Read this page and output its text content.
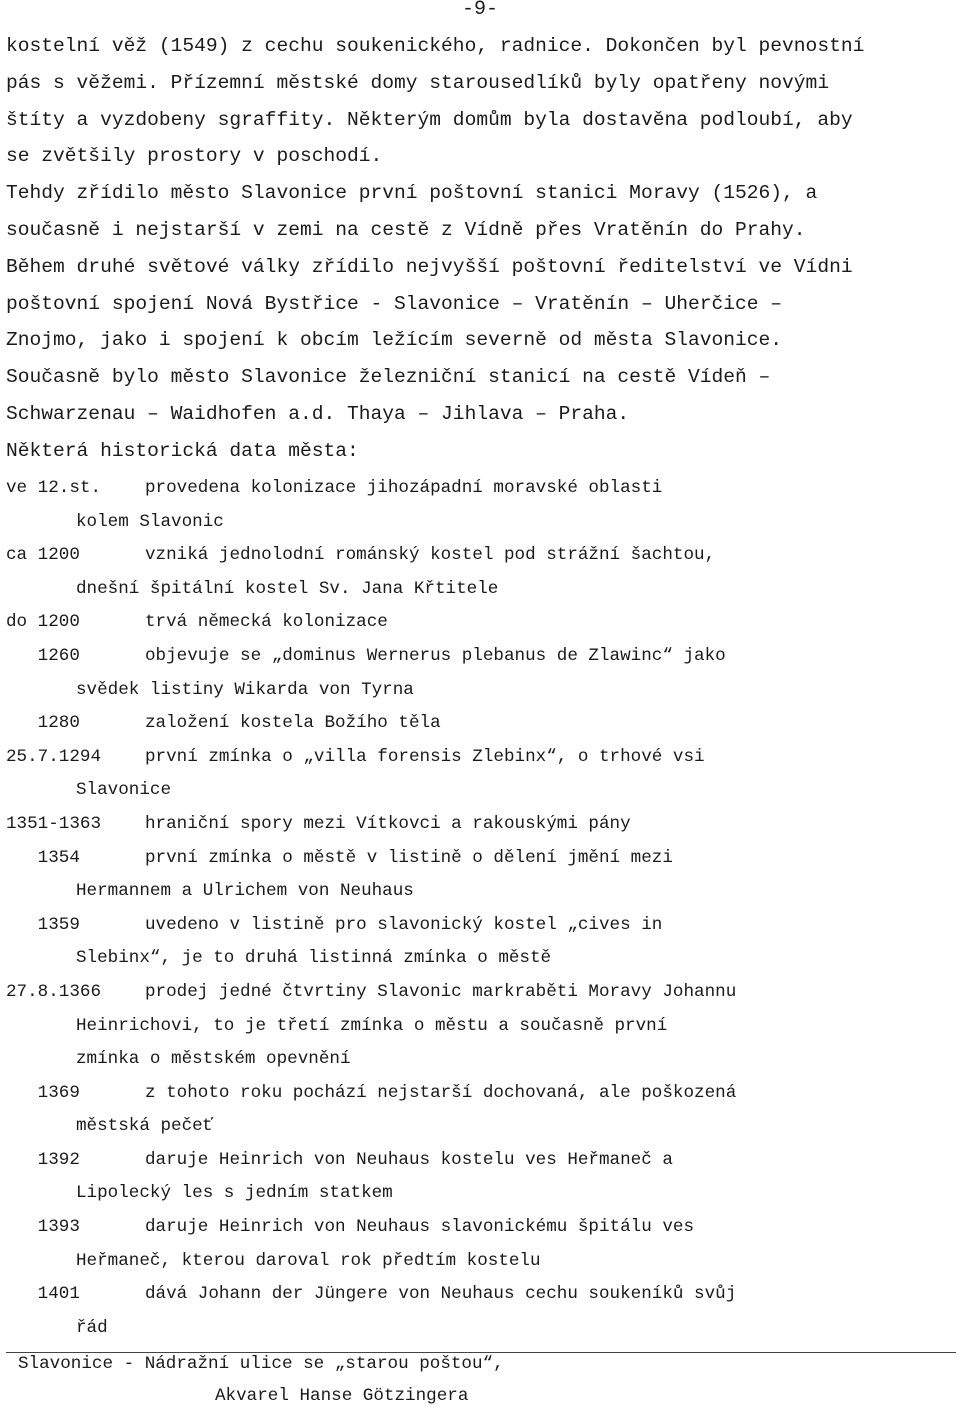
-9-
kostelní věž (1549) z cechu soukenického, radnice. Dokončen byl pevnostní
pás s věžemi. Přízemní městské domy starousedlíků byly opatřeny novými
štíty a vyzdobeny sgraffity. Některým domům byla dostavěna podloubí, aby
se zvětšily prostory v poschodí.
Tehdy zřídilo město Slavonice první poštovní stanici Moravy (1526), a
současně i nejstarší v zemi na cestě z Vídně přes Vratěnín do Prahy.
Během druhé světové války zřídilo nejvyšší poštovní ředitelství ve Vídni
poštovní spojení Nová Bystřice - Slavonice – Vratěnín – Uherčice –
Znojmo, jako i spojení k obcím ležícím severně od města Slavonice.
Současně bylo město Slavonice železniční stanicí na cestě Vídeň –
Schwarzenau – Waidhofen a.d. Thaya – Jihlava – Praha.
Některá historická data města:
ve 12.st. provedena kolonizace jihozápadní moravské oblasti
kolem Slavonic
ca 1200	vzniká jednolodní románský kostel pod strážní šachtou,
dnešní špitální kostel Sv. Jana Křtitele
do 1200	trvá německá kolonizace
1260	objevuje se „dominus Wernerus plebanus de Zlawinc“ jako
svědek listiny Wikarda von Tyrna
1280	založení kostela Božího těla
25.7.1294 první zmínka o „villa forensis Zlebinx“, o trhové vsi
Slavonice
1351-1363 hraniční spory mezi Vítkovci a rakouskými pány
1354	první zmínka o městě v listině o dělení jmění mezi
Hermannem a Ulrichem von Neuhaus
1359	uvedeno v listině pro slavonický kostel „cives in
Slebinx“, je to druhá listinná zmínka o městě
27.8.1366 prodej jedné čtvrtiny Slavonic markraběti Moravy Johannu
Heinrichovi, to je třetí zmínka o městu a současně první
zmínka o městském opevnění
1369	z tohoto roku pochází nejstarší dochovaná, ale poškozená
městská pečeť
1392	daruje Heinrich von Neuhaus kostelu ves Heřmaneč a
Lipolecký les s jedním statkem
1393	daruje Heinrich von Neuhaus slavonickému špitálu ves
Heřmaneč, kterou daroval rok předtím kostelu
1401	dává Johann der Jüngere von Neuhaus cechu soukeníků svůj
řád
Slavonice - Nádražní ulice se „starou poštou“,
Akvarel Hanse Götzingera
